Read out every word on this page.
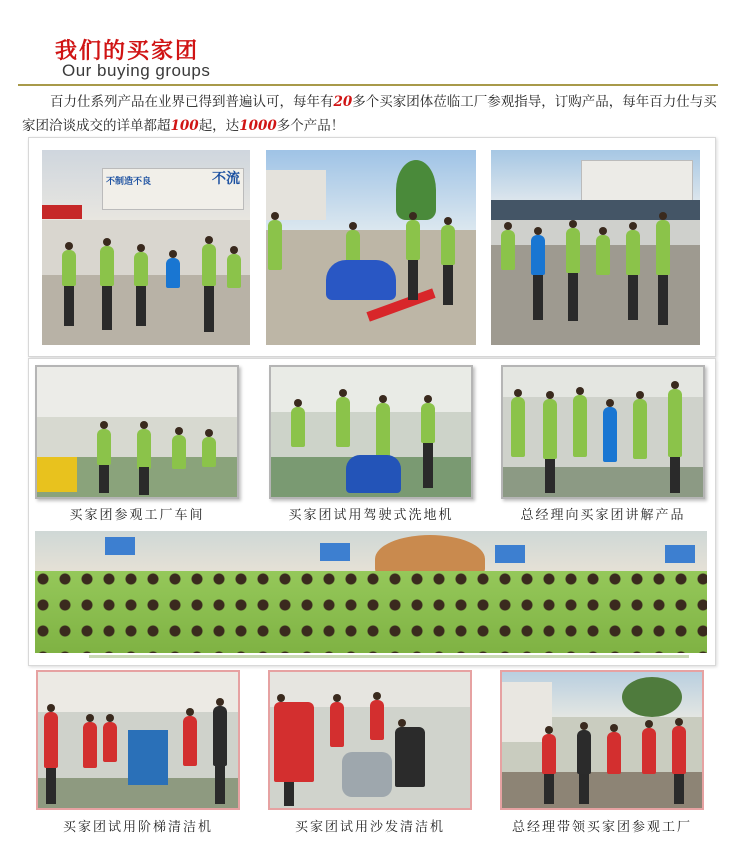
我们的买家团
Our buying groups
百力仕系列产品在业界已得到普遍认可，每年有20多个买家团体莅临工厂参观指导，订购产品，每年百力仕与买家团洽谈成交的详单都超100起，达1000多个产品！
不制造不良	不流
买家团参观工厂车间	买家团试用驾驶式洗地机	总经理向买家团讲解产品
买家团试用阶梯清洁机	买家团试用沙发清洁机	总经理带领买家团参观工厂
